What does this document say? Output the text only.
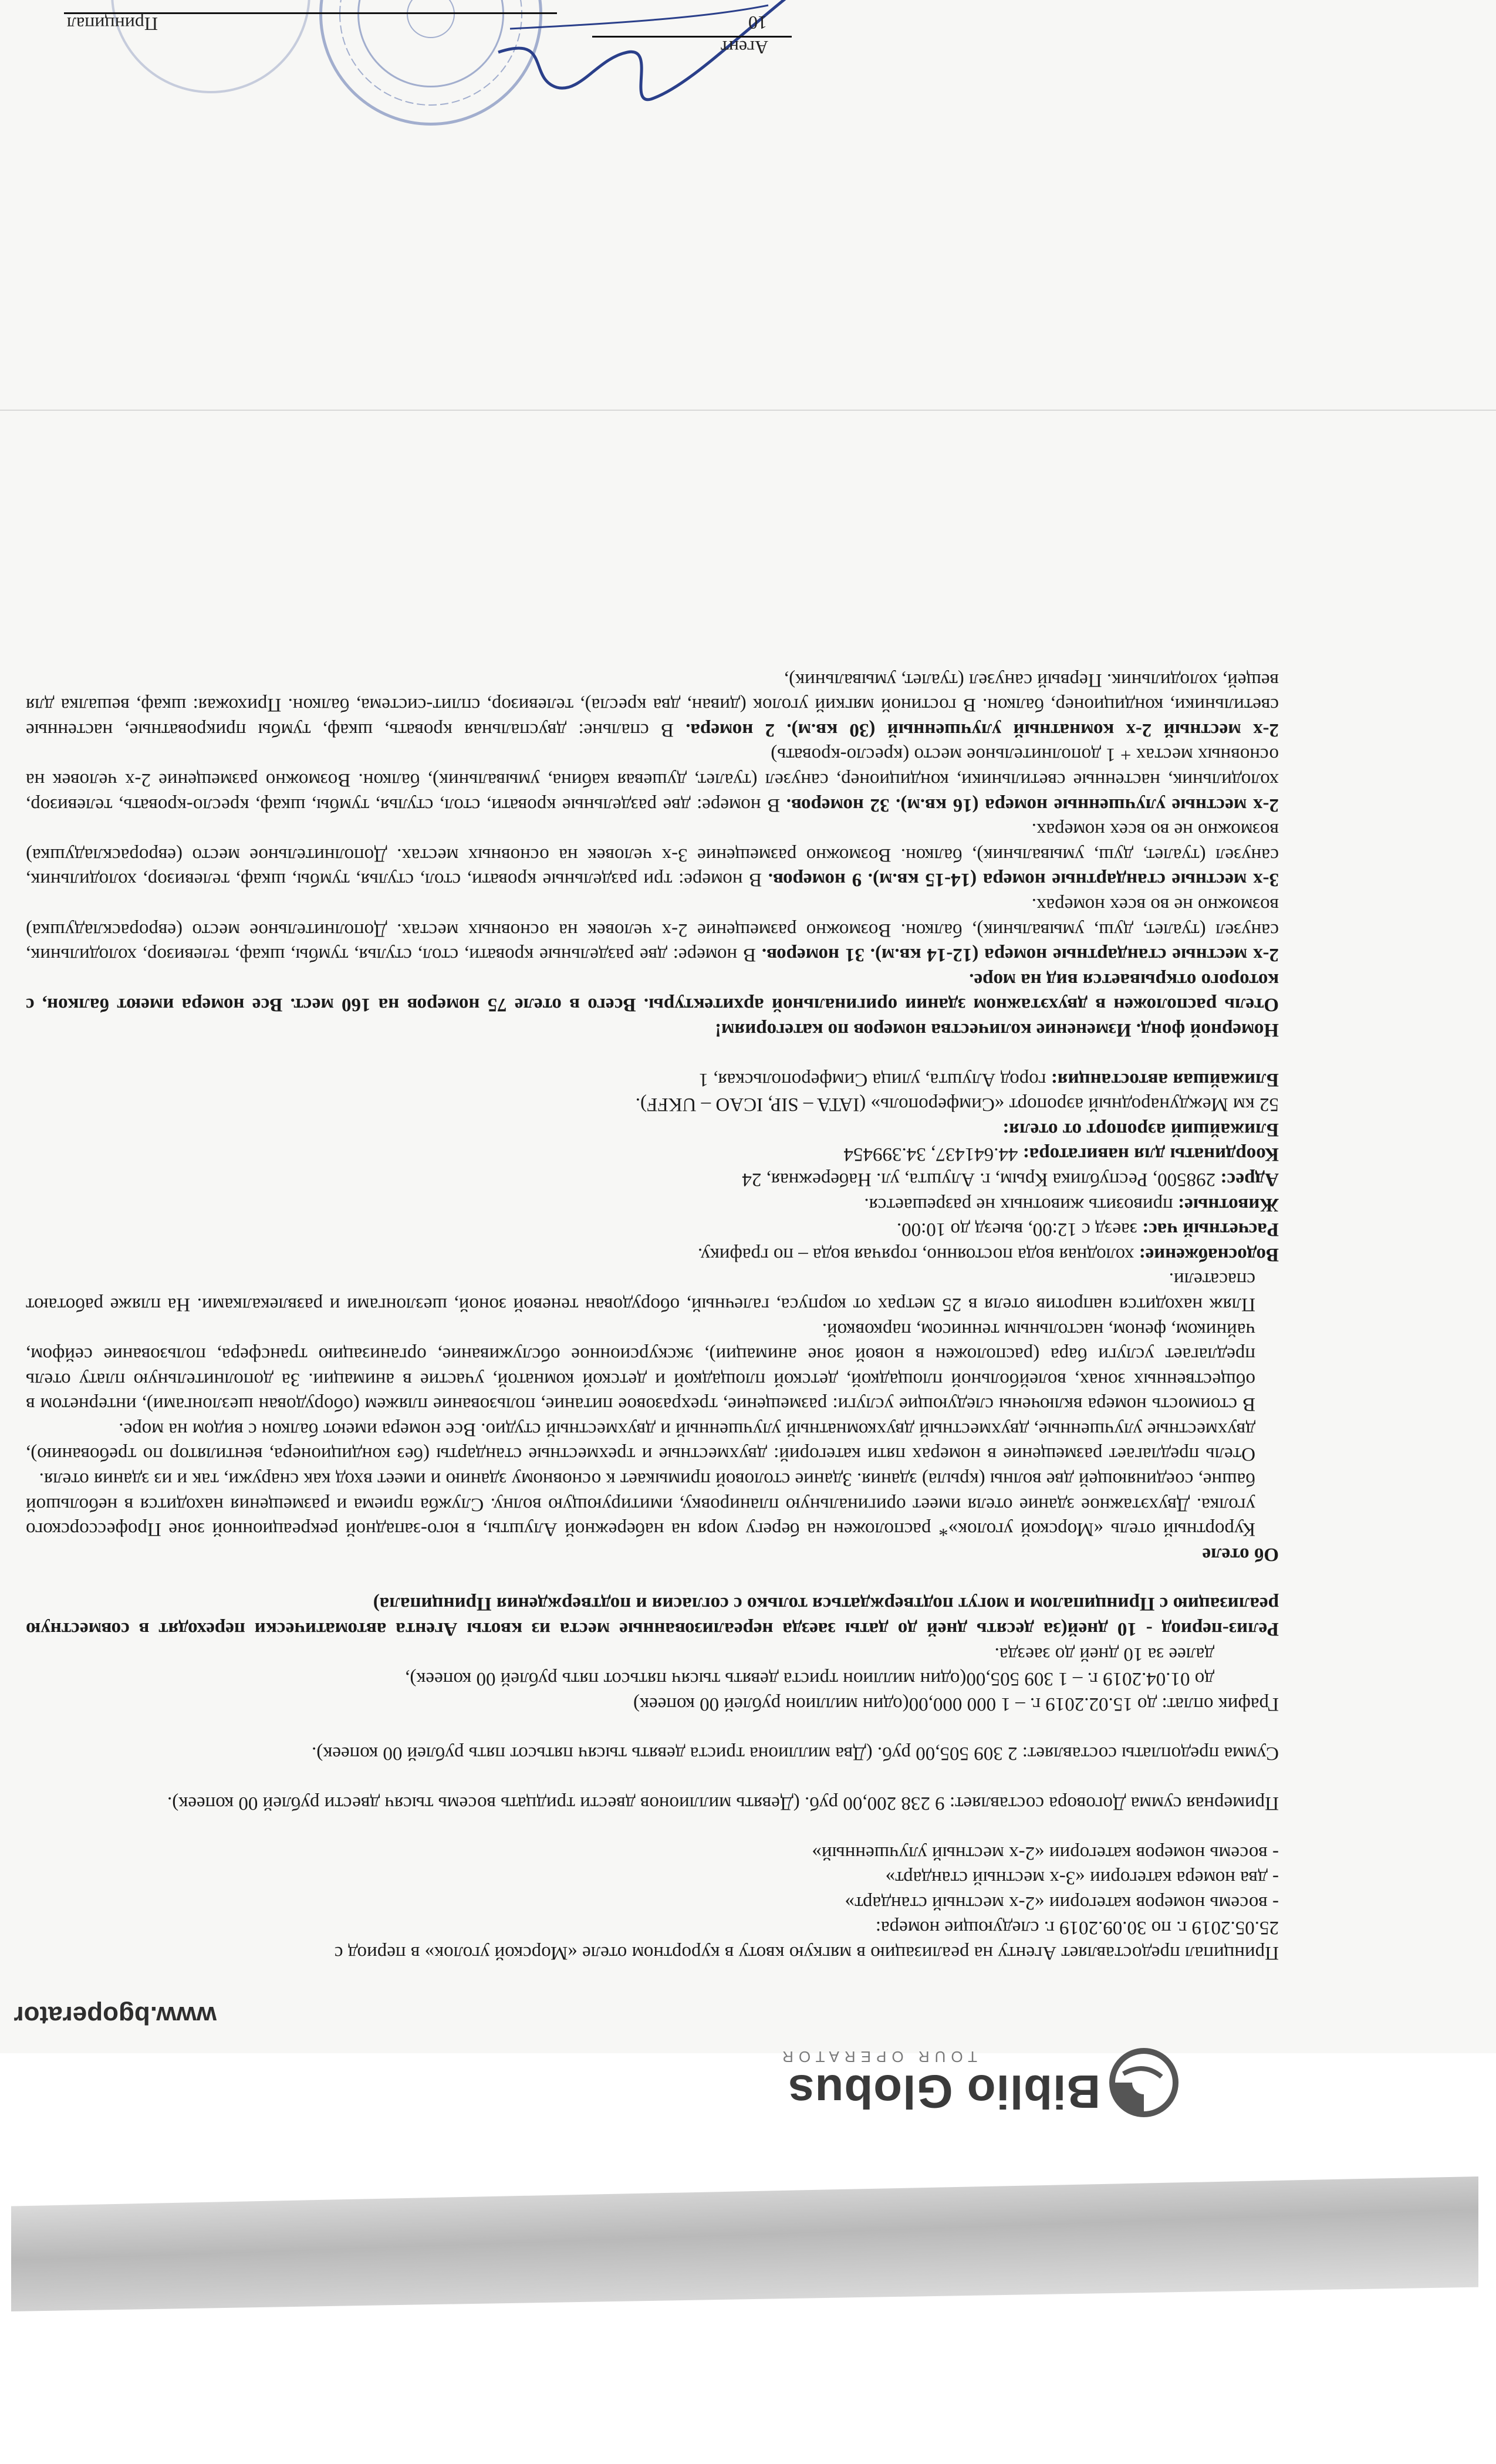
Biblio Globus
TOUR OPERATOR
www.bgoperator

Принципал предоставляет Агенту на реализацию в мягкую квоту в курортном отеле «Морской уголок» в период с

25.05.2019 г. по 30.09.2019 г. следующие номера:

- восемь номеров категории «2-х местный стандарт»

- два номера категории «3-х местный стандарт»

- восемь номеров категории «2-х местный улучшенный»

Примерная сумма Договора составляет: 9 238 200,00 руб. (Девять миллионов двести тридцать восемь тысяч двести рублей 00 копеек).

Сумма предоплаты составляет: 2 309 505,00 руб. (Два миллиона триста девять тысяч пятьсот пять рублей 00 копеек).

График оплат: до 15.02.2019 г. – 1 000 000,00(один миллион рублей 00 копеек)

до 01.04.2019 г. – 1 309 505,00(один миллион триста девять тысяч пятьсот пять рублей 00 копеек),

далее за 10 дней до заезда.

Релиз-период - 10 дней(за десять дней до даты заезда нереализованные места из квоты Агента автоматически переходят в совместную реализацию с Принципалом и могут подтверждаться только с согласия и подтверждения Принципала)

Об отеле

Курортный отель «Морской уголок»* расположен на берегу моря на набережной Алушты, в юго-западной рекреационной зоне Профессорского уголка. Двухэтажное здание отеля имеет оригинальную планировку, имитирующую волну. Служба приема и размещения находится в небольшой башне, соединяющей две волны (крыла) здания. Здание столовой примыкает к основному зданию и имеет вход как снаружи, так и из здания отеля.

Отель предлагает размещение в номерах пяти категорий: двухместные и трехместные стандарты (без кондиционера, вентилятор по требованию), двухместные улучшенные, двухместный двухкомнатный улучшенный и двухместный студио. Все номера имеют балкон с видом на море.

В стоимость номера включены следующие услуги: размещение, трехразовое питание, пользование пляжем (оборудован шезлонгами), интернетом в общественных зонах, волейбольной площадкой, детской площадкой и детской комнатой, участие в анимации. За дополнительную плату отель предлагает услуги бара (расположен в новой зоне анимации), экскурсионное обслуживание, организацию трансфера, пользование сейфом, чайником, феном, настольным теннисом, парковкой.

Пляж находится напротив отеля в 25 метрах от корпуса, галечный, оборудован теневой зоной, шезлонгами и развлекалками. На пляже работают спасатели.

Водоснабжение: холодная вода постоянно, горячая вода – по графику.

Расчетный час: заезд с 12:00, выезд до 10:00.

Животные: привозить животных не разрешается.

Адрес: 298500, Республика Крым, г. Алушта, ул. Набережная, 24

Координаты для навигатора: 44.641437, 34.399454

Ближайший аэропорт от отеля:

52 км Международный аэропорт «Симферополь» (IATA – SIP, ICAO – UKFF).

Ближайшая автостанция: город Алушта, улица Симферопольская, 1

Номерной фонд. Изменение количества номеров по категориям!

Отель расположен в двухэтажном здании оригинальной архитектуры. Всего в отеле 75 номеров на 160 мест. Все номера имеют балкон, с которого открывается вид на море.

2-х местные стандартные номера (12-14 кв.м). 31 номеров. В номере: две раздельные кровати, стол, стулья, тумбы, шкаф, телевизор, холодильник, санузел (туалет, душ, умывальник), балкон. Возможно размещение 2-х человек на основных местах. Дополнительное место (еврораскладушка) возможно не во всех номерах.

3-х местные стандартные номера (14-15 кв.м). 9 номеров. В номере: три раздельные кровати, стол, стулья, тумбы, шкаф, телевизор, холодильник, санузел (туалет, душ, умывальник), балкон. Возможно размещение 3-х человек на основных местах. Дополнительное место (еврораскладушка) возможно не во всех номерах.

2-х местные улучшенные номера (16 кв.м). 32 номеров. В номере: две раздельные кровати, стол, стулья, тумбы, шкаф, кресло-кровать, телевизор, холодильник, настенные светильники, кондиционер, санузел (туалет, душевая кабина, умывальник), балкон. Возможно размещение 2-х человек на основных местах + 1 дополнительное место (кресло-кровать)

2-х местный 2-х комнатный улучшенный (30 кв.м). 2 номера. В спальне: двуспальная кровать, шкаф, тумбы прикроватные, настенные светильники, кондиционер, балкон. В гостиной мягкий уголок (диван, два кресла), телевизор, сплит-система, балкон. Прихожая: шкаф, вешалка для вещей, холодильник. Первый санузел (туалет, умывальник),

Принципал
Агент
10
